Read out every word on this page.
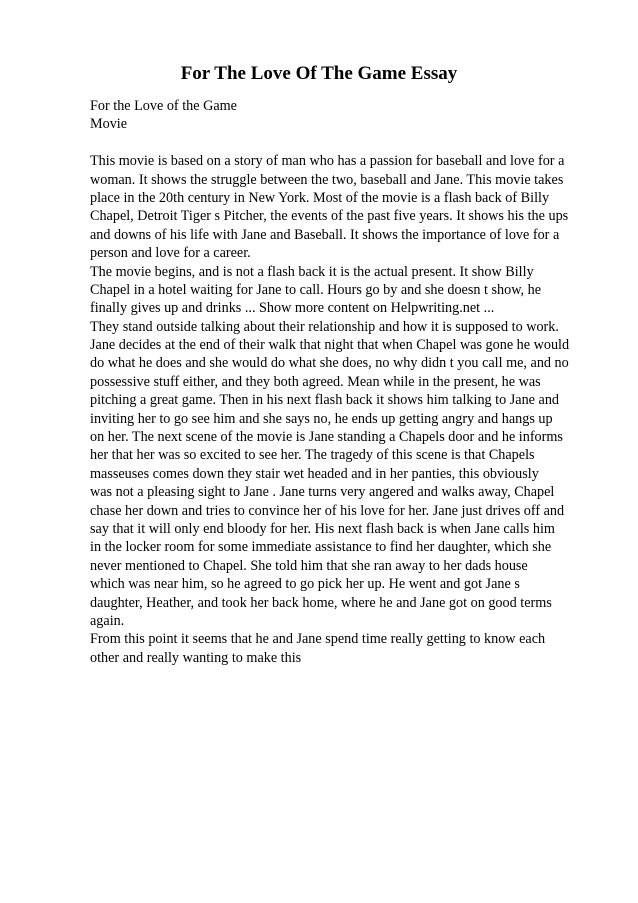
For The Love Of The Game Essay
For the Love of the Game
Movie
This movie is based on a story of man who has a passion for baseball and love for a
woman. It shows the struggle between the two, baseball and Jane. This movie takes
place in the 20th century in New York. Most of the movie is a flash back of Billy
Chapel, Detroit Tiger s Pitcher, the events of the past five years. It shows his the ups
and downs of his life with Jane and Baseball. It shows the importance of love for a
person and love for a career.
The movie begins, and is not a flash back it is the actual present. It show Billy
Chapel in a hotel waiting for Jane to call. Hours go by and she doesn t show, he
finally gives up and drinks ... Show more content on Helpwriting.net ...
They stand outside talking about their relationship and how it is supposed to work.
Jane decides at the end of their walk that night that when Chapel was gone he would
do what he does and she would do what she does, no why didn t you call me, and no
possessive stuff either, and they both agreed. Mean while in the present, he was
pitching a great game. Then in his next flash back it shows him talking to Jane and
inviting her to go see him and she says no, he ends up getting angry and hangs up
on her. The next scene of the movie is Jane standing a Chapels door and he informs
her that her was so excited to see her. The tragedy of this scene is that Chapels
masseuses comes down they stair wet headed and in her panties, this obviously
was not a pleasing sight to Jane . Jane turns very angered and walks away, Chapel
chase her down and tries to convince her of his love for her. Jane just drives off and
say that it will only end bloody for her. His next flash back is when Jane calls him
in the locker room for some immediate assistance to find her daughter, which she
never mentioned to Chapel. She told him that she ran away to her dads house
which was near him, so he agreed to go pick her up. He went and got Jane s
daughter, Heather, and took her back home, where he and Jane got on good terms
again.
From this point it seems that he and Jane spend time really getting to know each
other and really wanting to make this
